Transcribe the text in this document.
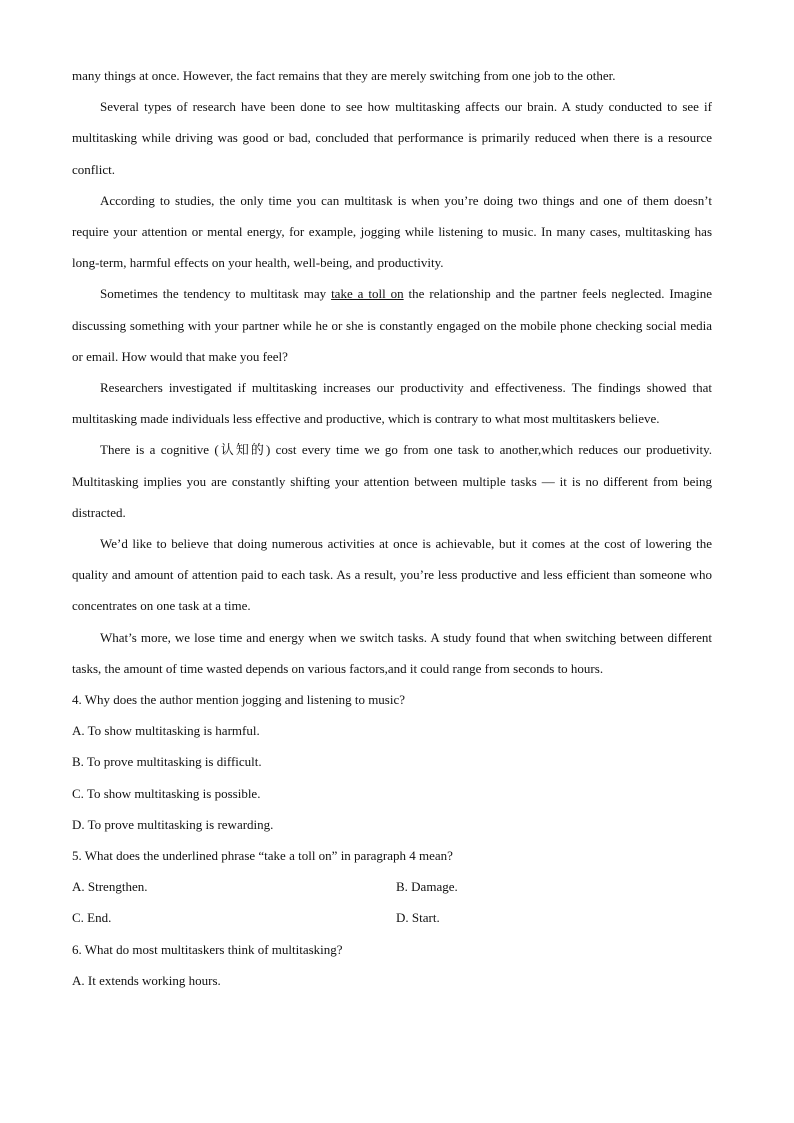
many things at once. However, the fact remains that they are merely switching from one job to the other.

Several types of research have been done to see how multitasking affects our brain. A study conducted to see if multitasking while driving was good or bad, concluded that performance is primarily reduced when there is a resource conflict.

According to studies, the only time you can multitask is when you’re doing two things and one of them doesn’t require your attention or mental energy, for example, jogging while listening to music. In many cases, multitasking has long-term, harmful effects on your health, well-being, and productivity.

Sometimes the tendency to multitask may take a toll on the relationship and the partner feels neglected. Imagine discussing something with your partner while he or she is constantly engaged on the mobile phone checking social media or email. How would that make you feel?

Researchers investigated if multitasking increases our productivity and effectiveness. The findings showed that multitasking made individuals less effective and productive, which is contrary to what most multitaskers believe.

There is a cognitive (认知的) cost every time we go from one task to another,which reduces our produetivity. Multitasking implies you are constantly shifting your attention between multiple tasks — it is no different from being distracted.

We’d like to believe that doing numerous activities at once is achievable, but it comes at the cost of lowering the quality and amount of attention paid to each task. As a result, you’re less productive and less efficient than someone who concentrates on one task at a time.

What’s more, we lose time and energy when we switch tasks. A study found that when switching between different tasks, the amount of time wasted depends on various factors,and it could range from seconds to hours.

4. Why does the author mention jogging and listening to music?

A. To show multitasking is harmful.

B. To prove multitasking is difficult.

C. To show multitasking is possible.

D. To prove multitasking is rewarding.

5. What does the underlined phrase “take a toll on” in paragraph 4 mean?

A. Strengthen.	B. Damage.
C. End.	D. Start.

6. What do most multitaskers think of multitasking?

A. It extends working hours.
